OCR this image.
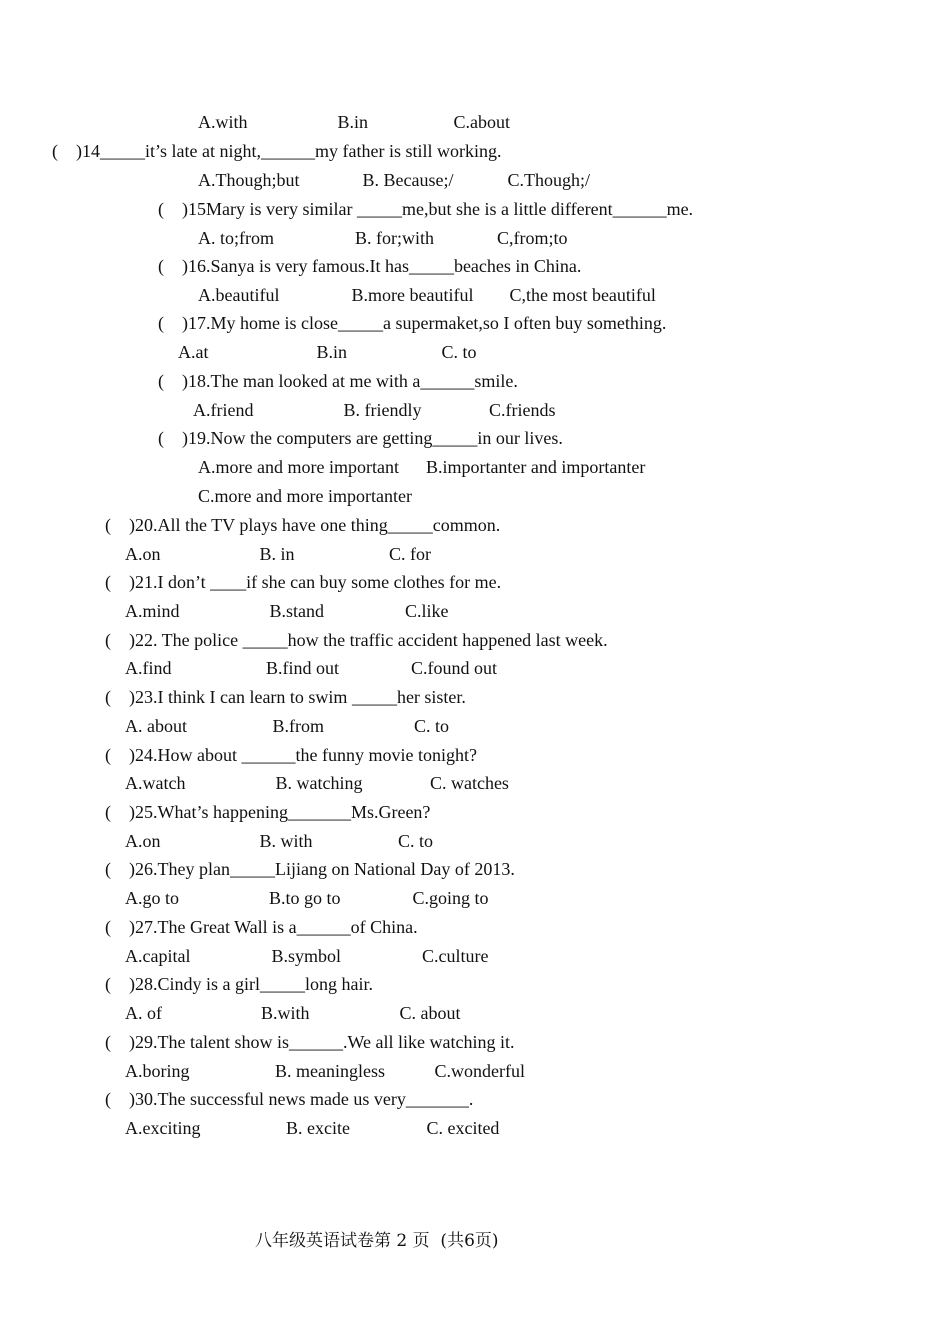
A.with                    B.in                   C.about
(    )14_____it’s late at night,______my father is still working.
A.Though;but              B. Because;/            C.Though;/
(    )15Mary is very similar _____me,but she is a little different______me.
A. to;from                  B. for;with              C,from;to
(    )16.Sanya is very famous.It has_____beaches in China.
A.beautiful                B.more beautiful        C,the most beautiful
(    )17.My home is close_____a supermaket,so I often buy something.
A.at                        B.in                     C. to
(    )18.The man looked at me with a______smile.
A.friend                    B. friendly               C.friends
(    )19.Now the computers are getting_____in our lives.
A.more and more important      B.importanter and importanter
C.more and more importanter
(    )20.All the TV plays have one thing_____common.
A.on                      B. in                     C. for
(    )21.I don’t ____if she can buy some clothes for me.
A.mind                    B.stand                  C.like
(    )22. The police _____how the traffic accident happened last week.
A.find                     B.find out                C.found out
(    )23.I think I can learn to swim _____her sister.
A. about                   B.from                    C. to
(    )24.How about ______the funny movie tonight?
A.watch                    B. watching               C. watches
(    )25.What’s happening_______Ms.Green?
A.on                      B. with                   C. to
(    )26.They plan_____Lijiang on National Day of 2013.
A.go to                    B.to go to                C.going to
(    )27.The Great Wall is a______of China.
A.capital                  B.symbol                  C.culture
(    )28.Cindy is a girl_____long hair.
A. of                      B.with                    C. about
(    )29.The talent show is______.We all like watching it.
A.boring                   B. meaningless           C.wonderful
(    )30.The successful news made us very_______.
A.exciting                   B. excite                 C. excited
八年级英语试卷第 2 页  (共6页)
